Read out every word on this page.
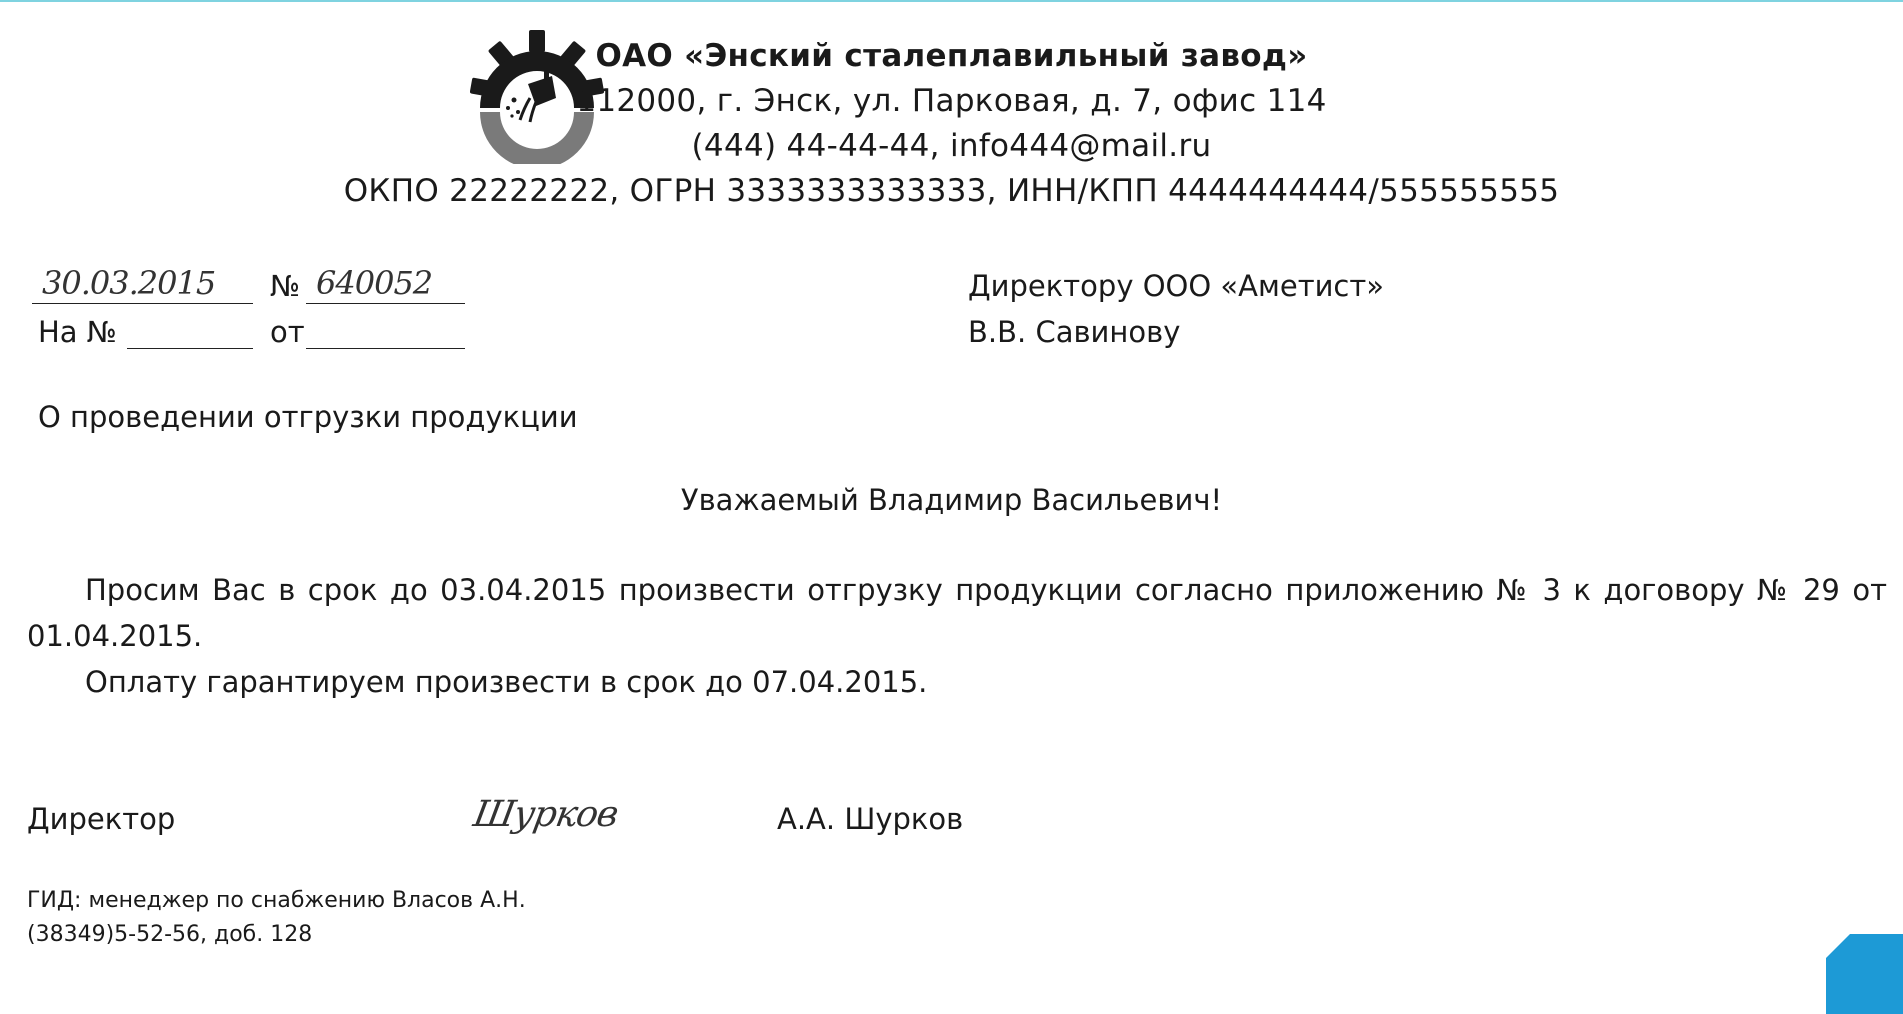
ОАО «Энский сталеплавильный завод»
112000, г. Энск, ул. Парковая, д. 7, офис 114
(444) 44-44-44, info444@mail.ru
ОКПО 22222222, ОГРН 3333333333333, ИНН/КПП 4444444444/555555555
30.03.2015 № 640052
На №	от
Директору ООО «Аметист»
В.В. Савинову
О проведении отгрузки продукции
Уважаемый Владимир Васильевич!
Просим Вас в срок до 03.04.2015 произвести отгрузку продукции согласно приложению № 3 к договору № 29 от 01.04.2015.
Оплату гарантируем произвести в срок до 07.04.2015.
Директор	Шурков	А.А. Шурков
ГИД: менеджер по снабжению Власов А.Н.
(38349)5-52-56, доб. 128
